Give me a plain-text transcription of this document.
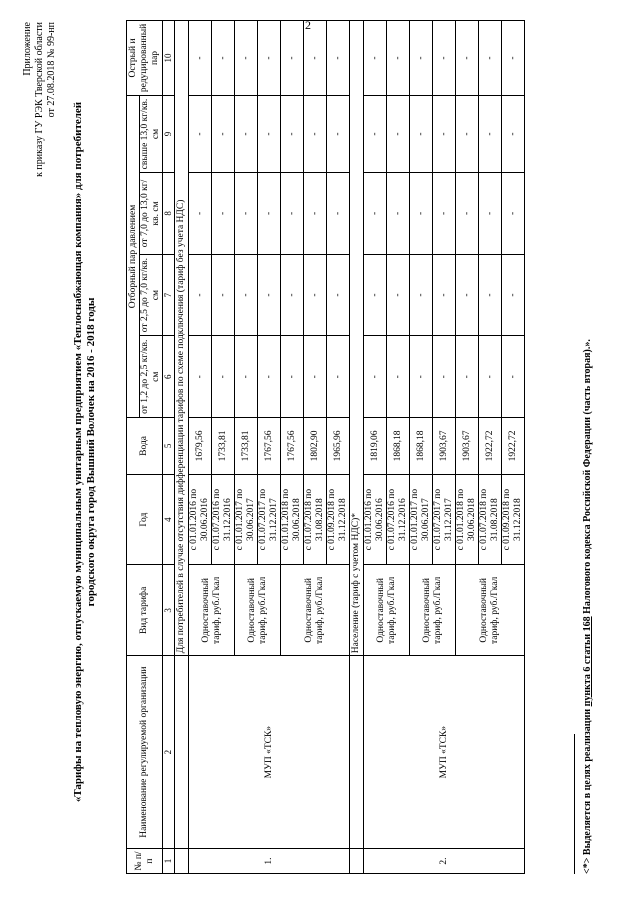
2
Приложение к приказу ГУ РЭК Тверской области от 27.08.2018 № 99-нп
«Тарифы на тепловую энергию, отпускаемую муниципальным унитарным предприятием «Теплоснабжающая компания» для потребителей городского округа город Вышний Волочек на 2016 - 2018 годы
№ п/ п	Наименование регулируемой организации	Вид тарифа	Год	Вода	Отборный пар давлением				Острый и редуцированный пар
					от 1,2 до 2,5 кг/кв. см	от 2,5 до 7,0 кг/кв. см	от 7,0 до 13,0 кг/кв. см	свыше 13,0 кг/кв. см	
1	2	3	4	5	6	7	8	9	10
		Для потребителей в случае отсутствия дифференциации тарифов по схеме подключения (тариф без учета НДС)							
1.	МУП «ТСК»	Одноставочный тариф, руб./Гкал	с 01.01.2016 по 30.06.2016	1679,56	-	-	-	-	-
			с 01.07.2016 по 31.12.2016	1733,81	-	-	-	-	-
		Одноставочный тариф, руб./Гкал	с 01.01.2017 по 30.06.2017	1733,81	-	-	-	-	-
			с 01.07.2017 по 31.12.2017	1767,56	-	-	-	-	-
		Одноставочный тариф, руб./Гкал	с 01.01.2018 по 30.06.2018	1767,56	-	-	-	-	-
			с 01.07.2018 по 31.08.2018	1802,90	-	-	-	-	-
			с 01.09.2018 по 31.12.2018	1965,96	-	-	-	-	-
		Население (тариф с учетом НДС)*							
2.	МУП «ТСК»	Одноставочный тариф, руб./Гкал	с 01.01.2016 по 30.06.2016	1819,06	-	-	-	-	-
			с 01.07.2016 по 31.12.2016	1868,18	-	-	-	-	-
		Одноставочный тариф, руб./Гкал	с 01.01.2017 по 30.06.2017	1868,18	-	-	-	-	-
			с 01.07.2017 по 31.12.2017	1903,67	-	-	-	-	-
		Одноставочный тариф, руб./Гкал	с 01.01.2018 по 30.06.2018	1903,67	-	-	-	-	-
			с 01.07.2018 по 31.08.2018	1922,72	-	-	-	-	-
			с 01.09.2018 по 31.12.2018	1922,72	-	-	-	-	-
<*> Выделяется в целях реализации пункта 6 статьи 168 Налогового кодекса Российской Федерации (часть вторая).».
